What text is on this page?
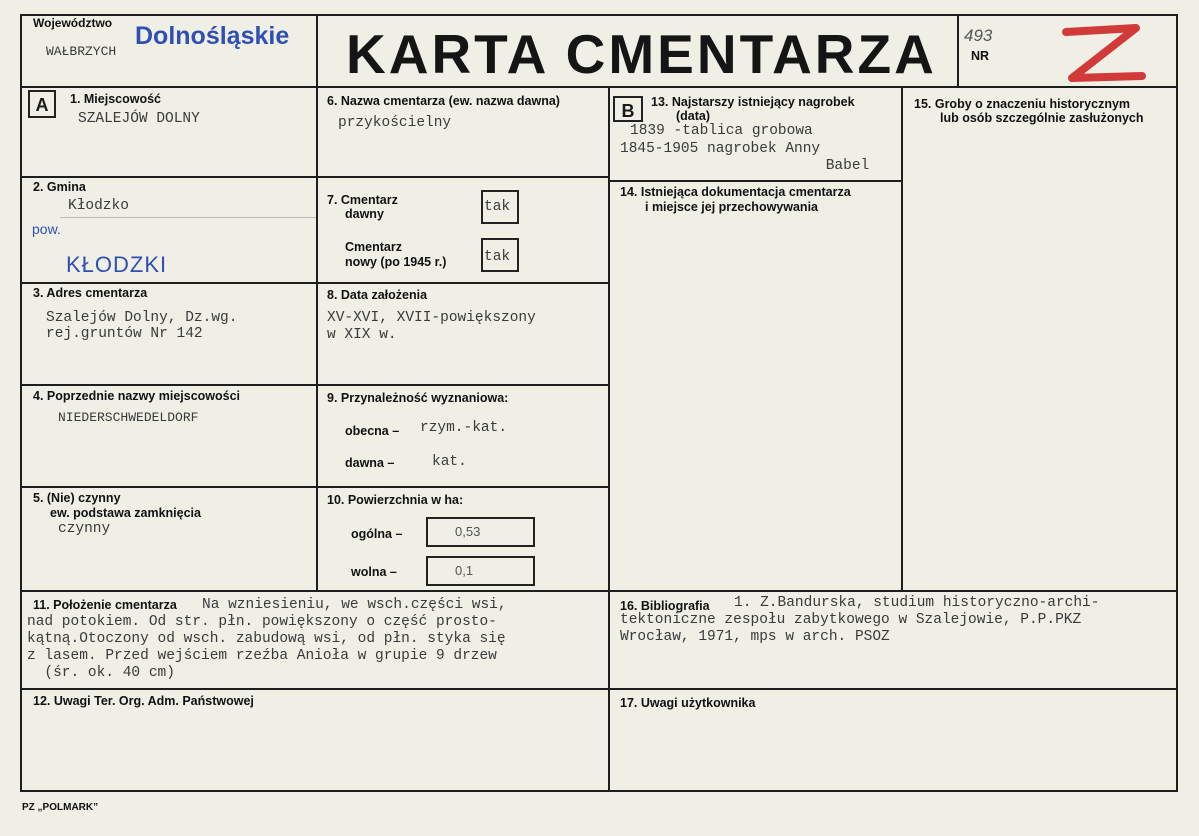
Województwo
WAŁBRZYCH
Dolnośląskie KARTA CMENTARZA 493
NR
A	B
1. Miejscowość
SZALEJÓW DOLNY
6. Nazwa cmentarza (ew. nazwa dawna)
przykościelny
13. Najstarszy istniejący nagrobek
(data)
1839 -tablica grobowa
1845-1905 nagrobek Anny
Babel
15. Groby o znaczeniu historycznym
lub osób szczególnie zasłużonych
2. Gmina
Kłodzko
pow.
KŁODZKI
7. Cmentarz
dawny	tak
Cmentarz
nowy (po 1945 r.)	tak
14. Istniejąca dokumentacja cmentarza
i miejsce jej przechowywania
3. Adres cmentarza
Szalejów Dolny, Dz.wg.
rej.gruntów Nr 142
8. Data założenia
XV-XVI, XVII-powiększony
w XIX w.
4. Poprzednie nazwy miejscowości
NIEDERSCHWEDELDORF
9. Przynależność wyznaniowa:
obecna – rzym.-kat.
dawna –	kat.
5. (Nie) czynny
ew. podstawa zamknięcia
czynny
10. Powierzchnia w ha:
ogólna –	0,53
wolna –	0,1
11. Położenie cmentarza Na wzniesieniu, we wsch.części wsi,
nad potokiem. Od str. płn. powiększony o część prosto-
kątną.Otoczony od wsch. zabudową wsi, od płn. styka się
z lasem. Przed wejściem rzeźba Anioła w grupie 9 drzew
(śr. ok. 40 cm)
16. Bibliografia 1. Z.Bandurska, studium historyczno-archi-
tektoniczne zespołu zabytkowego w Szalejowie, P.P.PKZ
Wrocław, 1971, mps w arch. PSOZ
12. Uwagi Ter. Org. Adm. Państwowej	17. Uwagi użytkownika
PZ „POLMARK”
